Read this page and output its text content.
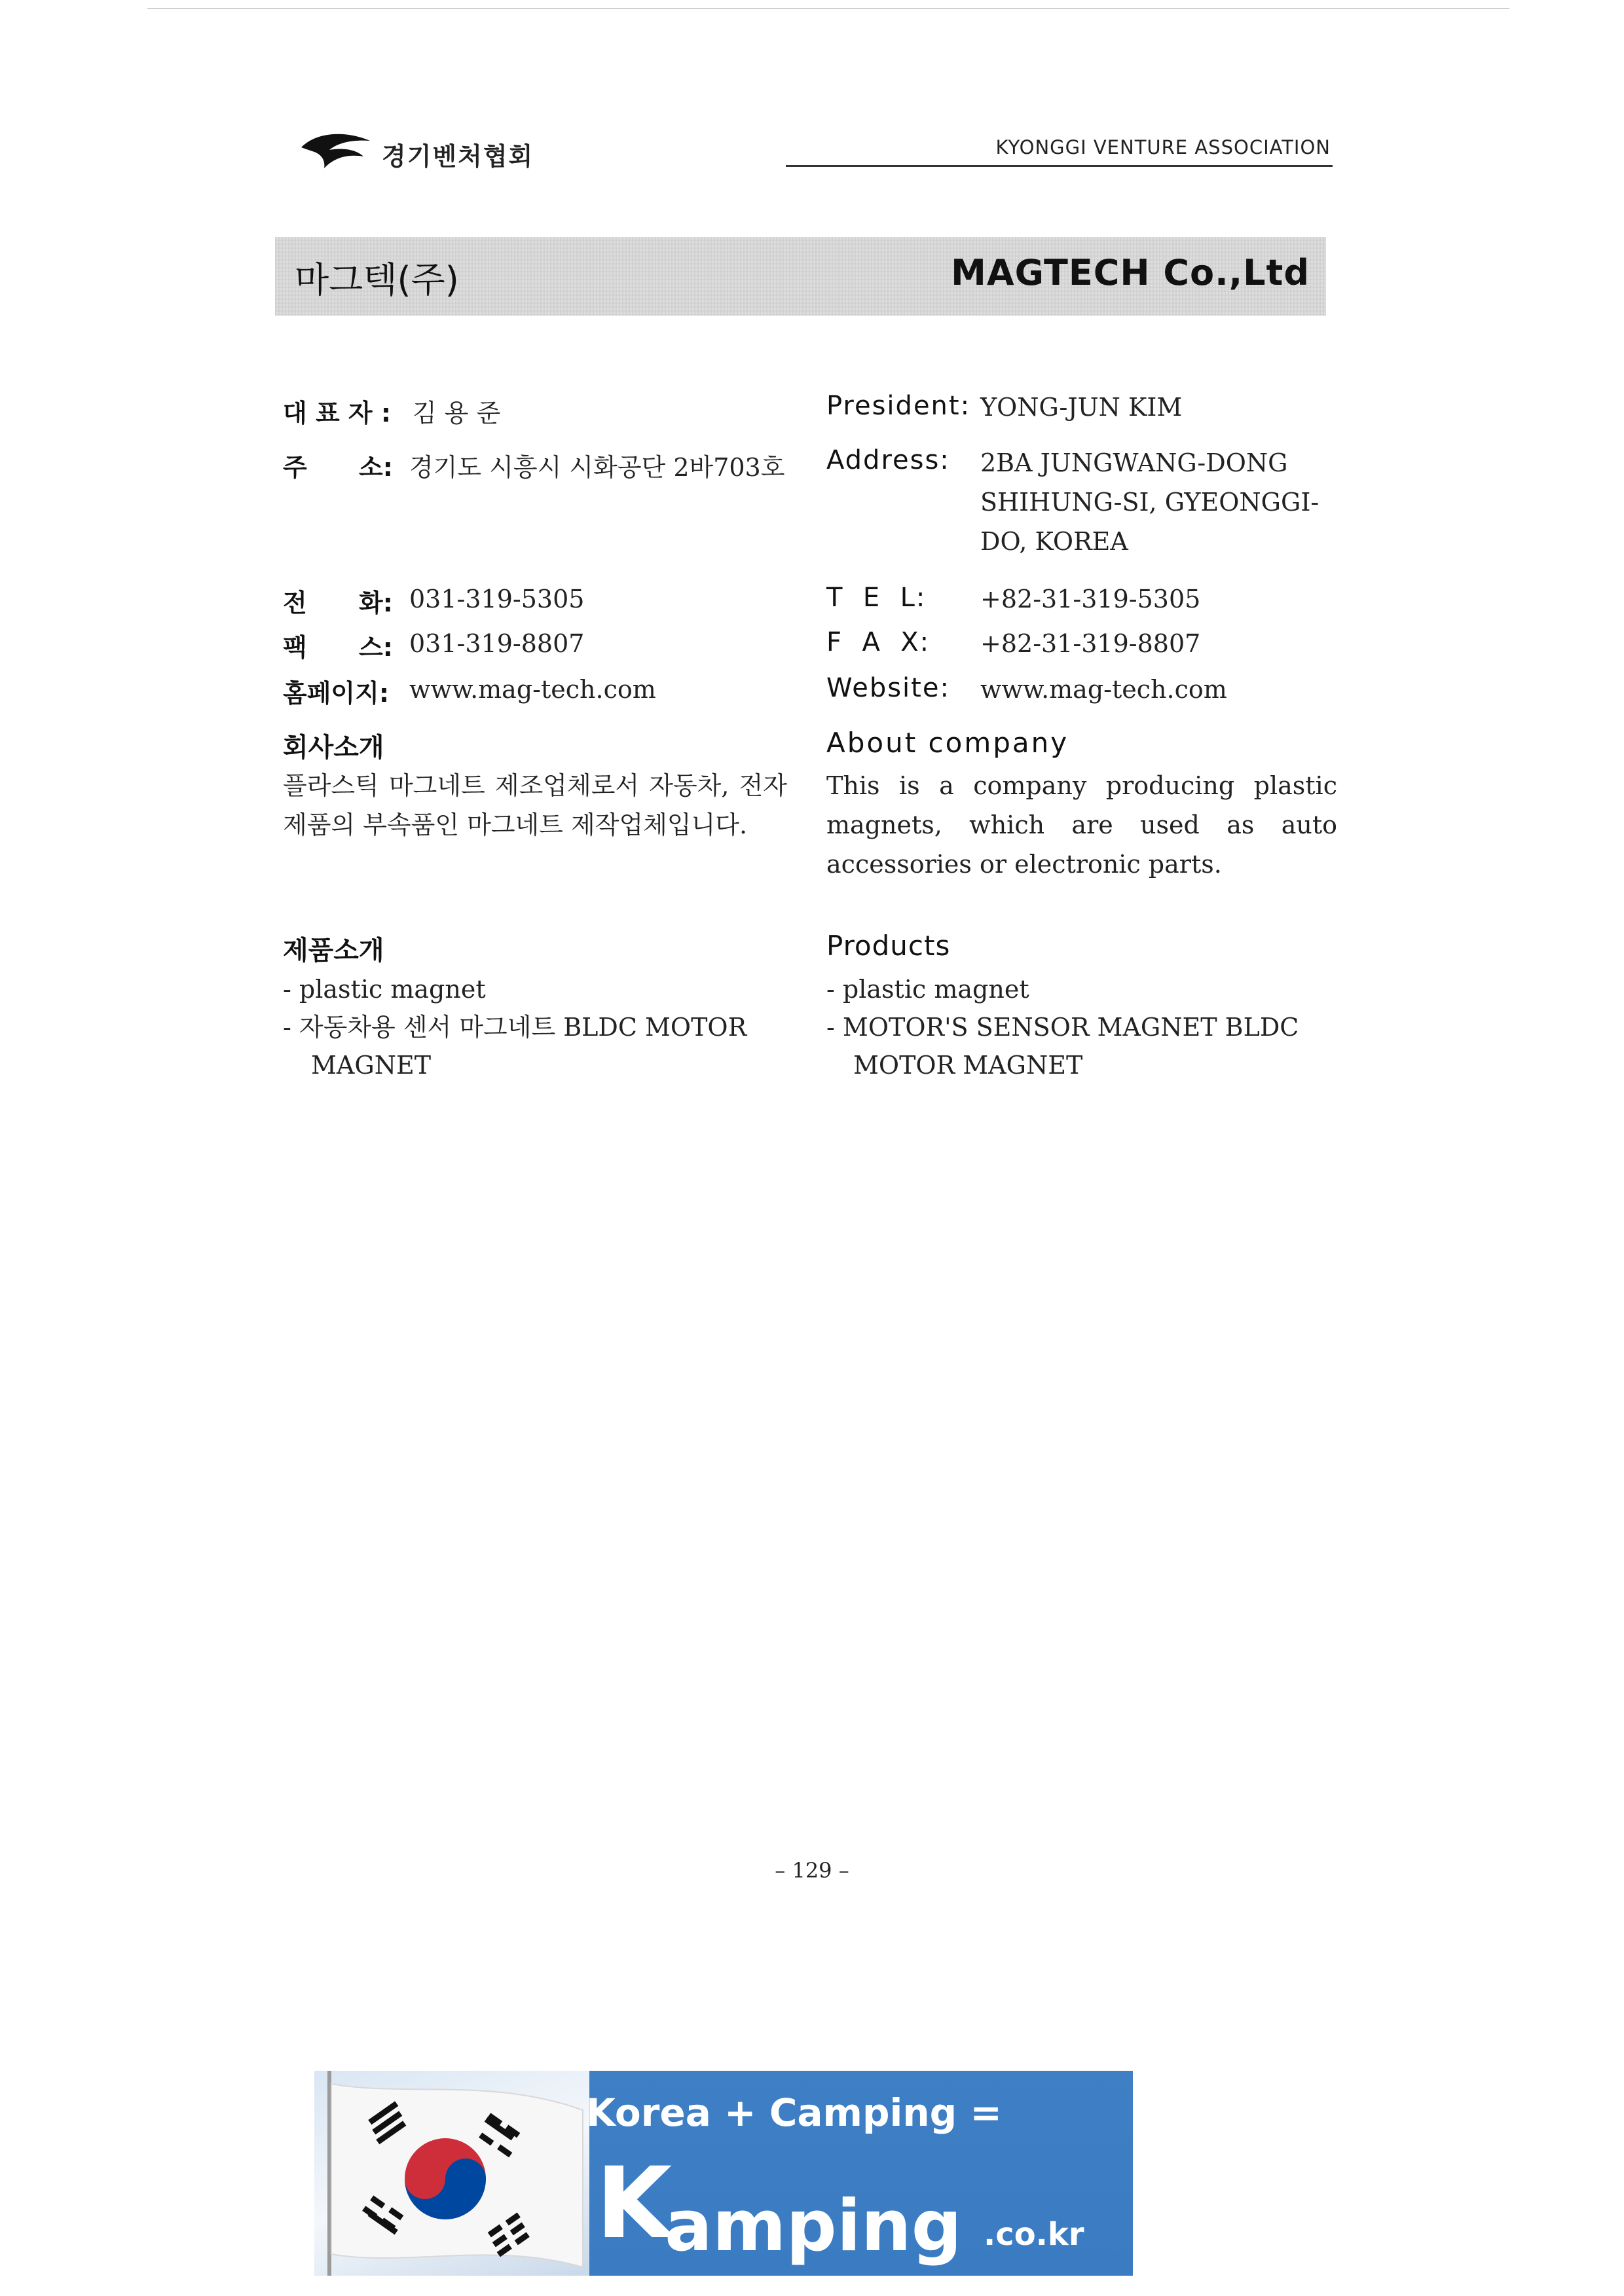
경기벤처협회	KYONGGI VENTURE ASSOCIATION
마그텍(주)	MAGTECH Co.,Ltd
대 표 자 : 김 용 준
주 소: 경기도 시흥시 시화공단 2바703호
전 화: 031-319-5305
팩 스: 031-319-8807
홈페이지: www.mag-tech.com
회사소개
플라스틱 마그네트 제조업체로서 자동차, 전자제품의 부속품인 마그네트 제작업체입니다.
제품소개
- plastic magnet
- 자동차용 센서 마그네트 BLDC MOTOR
MAGNET
President: YONG-JUN KIM
Address: 2BA JUNGWANG-DONG
SHIHUNG-SI, GYEONGGI-
DO, KOREA
T  E  L: +82-31-319-5305
F  A  X: +82-31-319-8807
Website: www.mag-tech.com
About company
This is a company producing plastic magnets, which are used as auto accessories or electronic parts.
Products
- plastic magnet
- MOTOR'S SENSOR MAGNET BLDC
MOTOR MAGNET
– 129 –
Korea + Camping =
K
amping .co.kr
